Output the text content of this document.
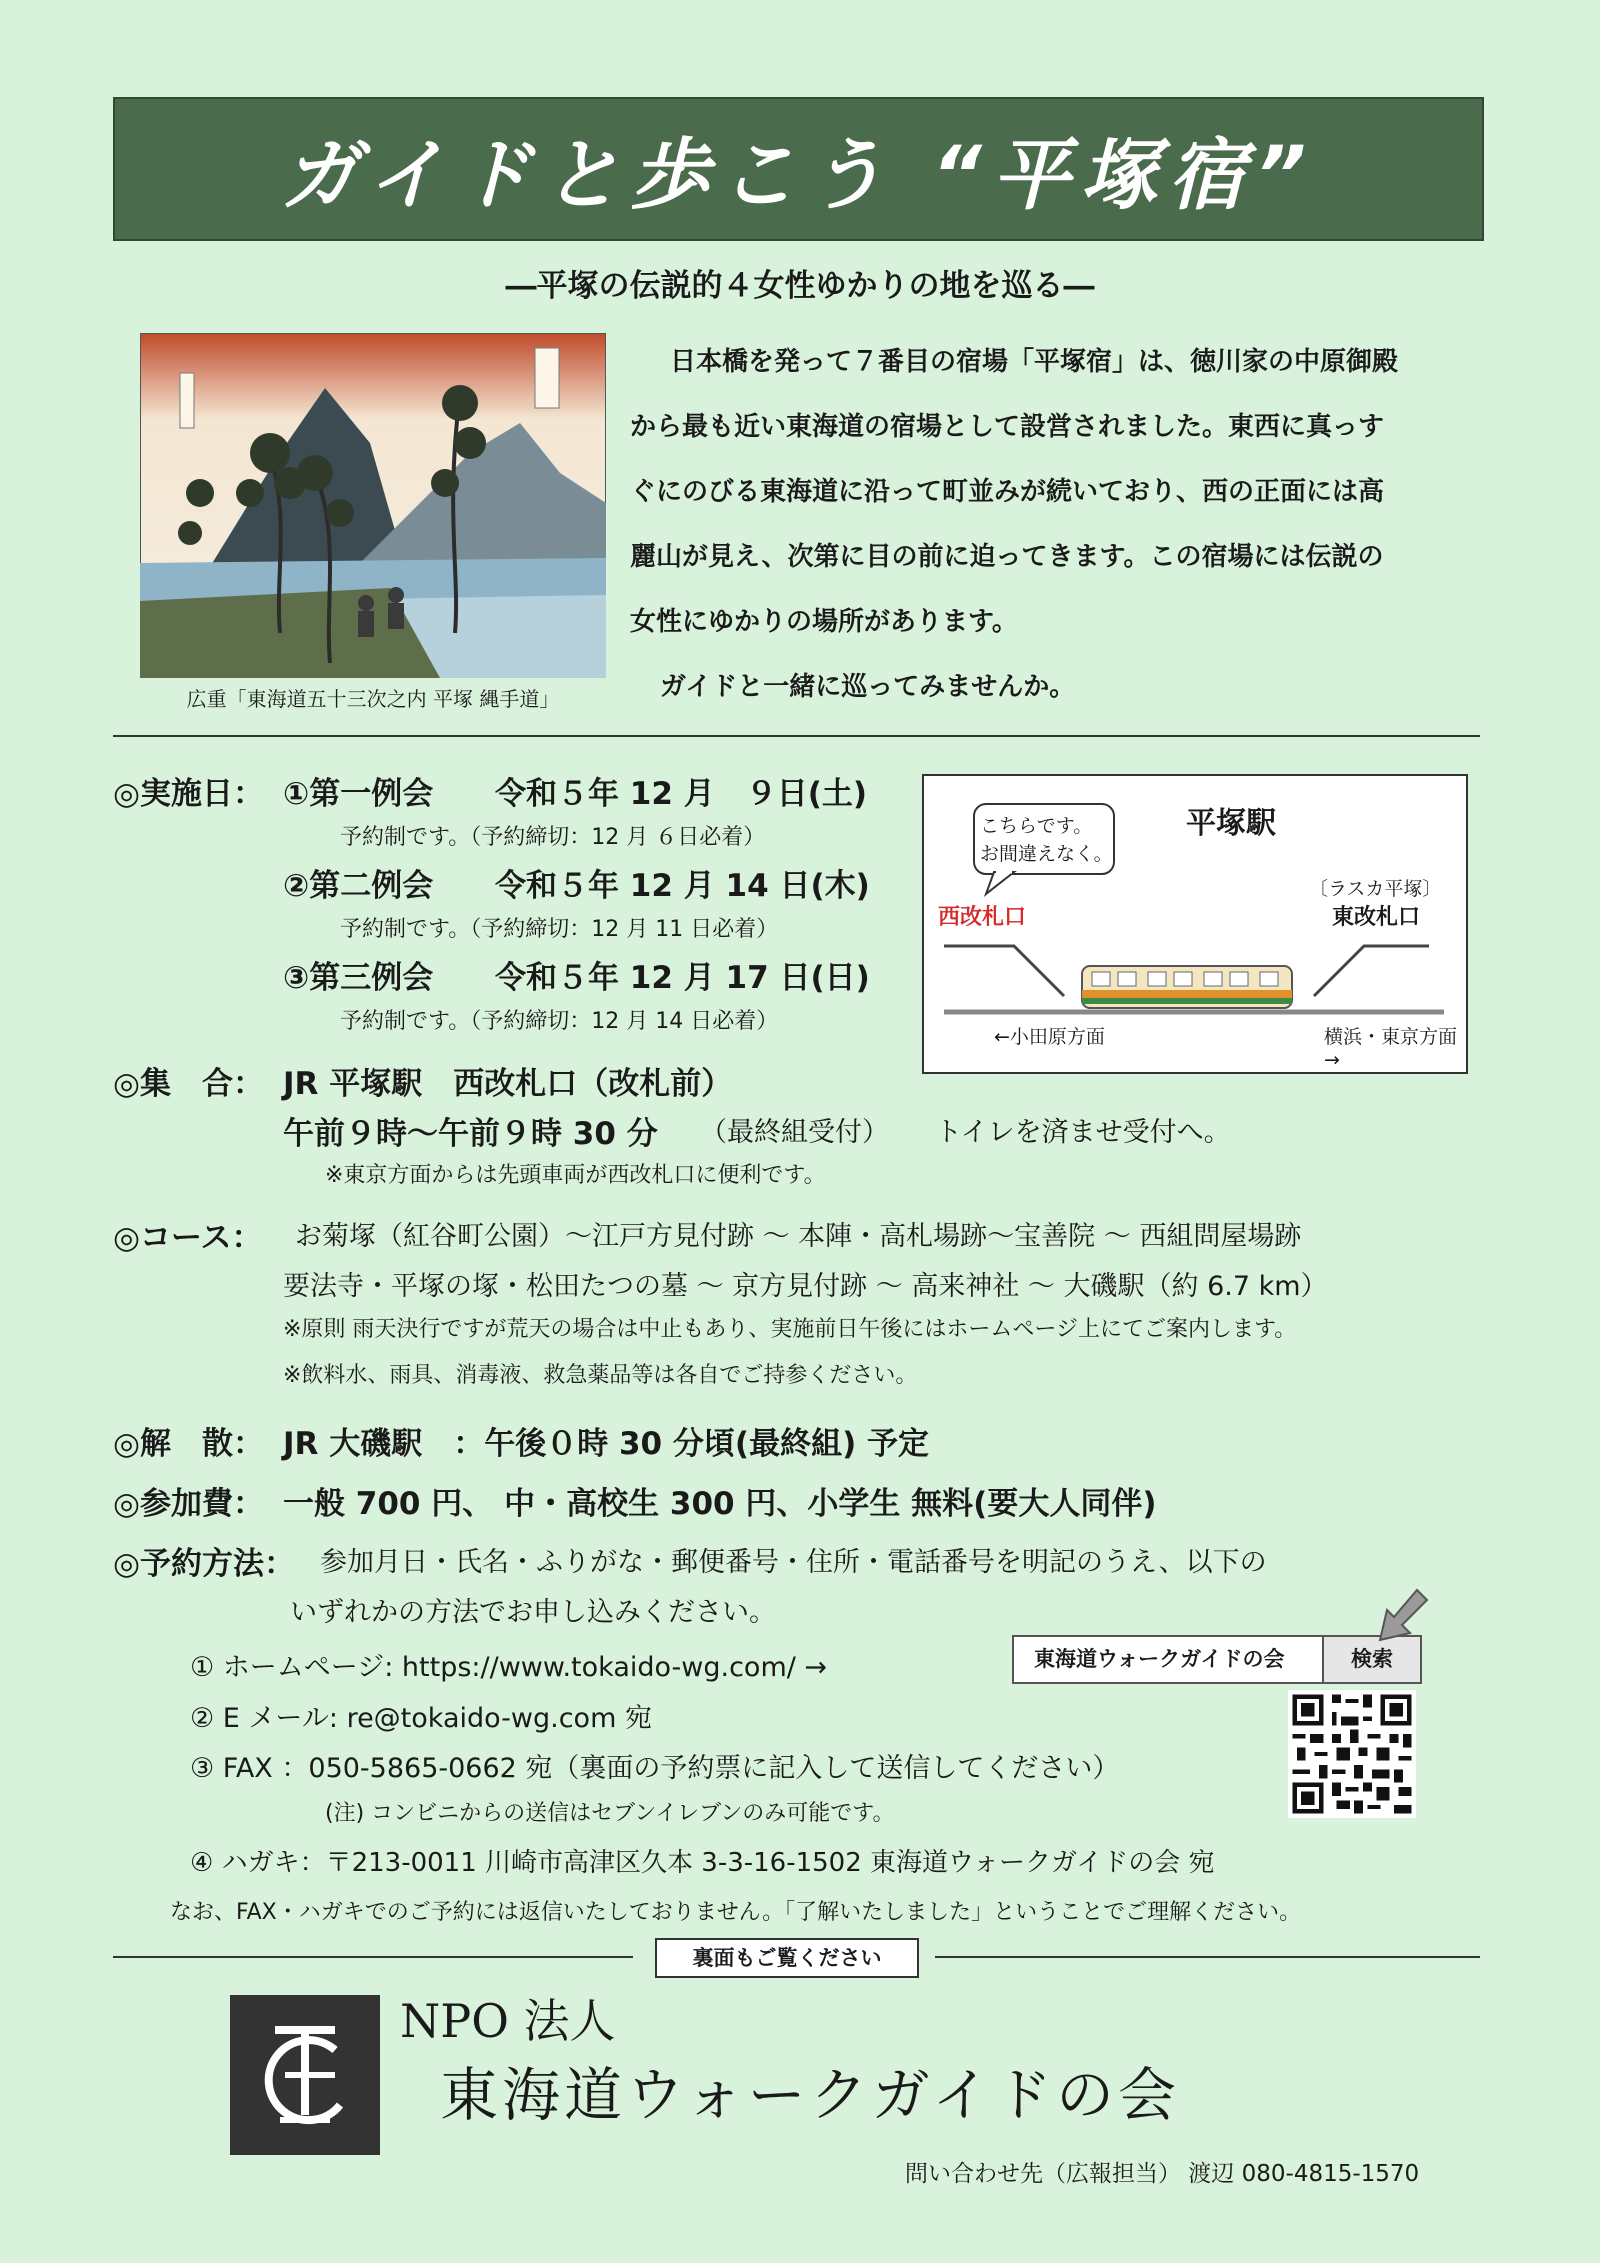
ガイドと歩こう “平塚宿”
―平塚の伝説的４女性ゆかりの地を巡る―
広重「東海道五十三次之内 平塚 縄手道」

日本橋を発って７番目の宿場「平塚宿」は、徳川家の中原御殿

から最も近い東海道の宿場として設営されました。東西に真っす

ぐにのびる東海道に沿って町並みが続いており、西の正面には高

麗山が見え、次第に目の前に迫ってきます。この宿場には伝説の

女性にゆかりの場所があります。

ガイドと一緒に巡ってみませんか。

◎実施日： ①第一例会 令和５年 12 月　９日(土)
予約制です。（予約締切：12 月 ６日必着）
②第二例会 令和５年 12 月 14 日(木)
予約制です。（予約締切：12 月 11 日必着）
③第三例会 令和５年 12 月 17 日(日)
予約制です。（予約締切：12 月 14 日必着）
こちらです。
お間違えなく。
平塚駅
西改札口
〔ラスカ平塚〕
東改札口
←小田原方面	横浜・東京方面→
◎集　合： JR 平塚駅　西改札口（改札前）
午前９時～午前９時 30 分 （最終組受付） トイレを済ませ受付へ。
※東京方面からは先頭車両が西改札口に便利です。
◎コース： お菊塚（紅谷町公園）～江戸方見付跡 ～ 本陣・高札場跡～宝善院 ～ 西組問屋場跡
要法寺・平塚の塚・松田たつの墓 ～ 京方見付跡 ～ 高来神社 ～ 大磯駅（約 6.7 km）
※原則 雨天決行ですが荒天の場合は中止もあり、実施前日午後にはホームページ上にてご案内します。
※飲料水、雨具、消毒液、救急薬品等は各自でご持参ください。
◎解　散： JR 大磯駅　：午後０時 30 分頃(最終組) 予定
◎参加費： 一般 700 円、 中・高校生 300 円、小学生 無料(要大人同伴)
◎予約方法： 参加月日・氏名・ふりがな・郵便番号・住所・電話番号を明記のうえ、以下の
いずれかの方法でお申し込みください。
① ホームページ: https://www.tokaido-wg.com/ →
② E メール: re@tokaido-wg.com 宛
③ FAX ：050-5865-0662 宛（裏面の予約票に記入して送信してください）
(注) コンビニからの送信はセブンイレブンのみ可能です。
④ ハガキ：〒213-0011 川崎市高津区久本 3-3-16-1502 東海道ウォークガイドの会 宛
なお、FAX・ハガキでのご予約には返信いたしておりません。「了解いたしました」ということでご理解ください。
東海道ウォークガイドの会	検索
裏面もご覧ください
NPO 法人
東海道ウォークガイドの会
問い合わせ先（広報担当） 渡辺 080-4815-1570
